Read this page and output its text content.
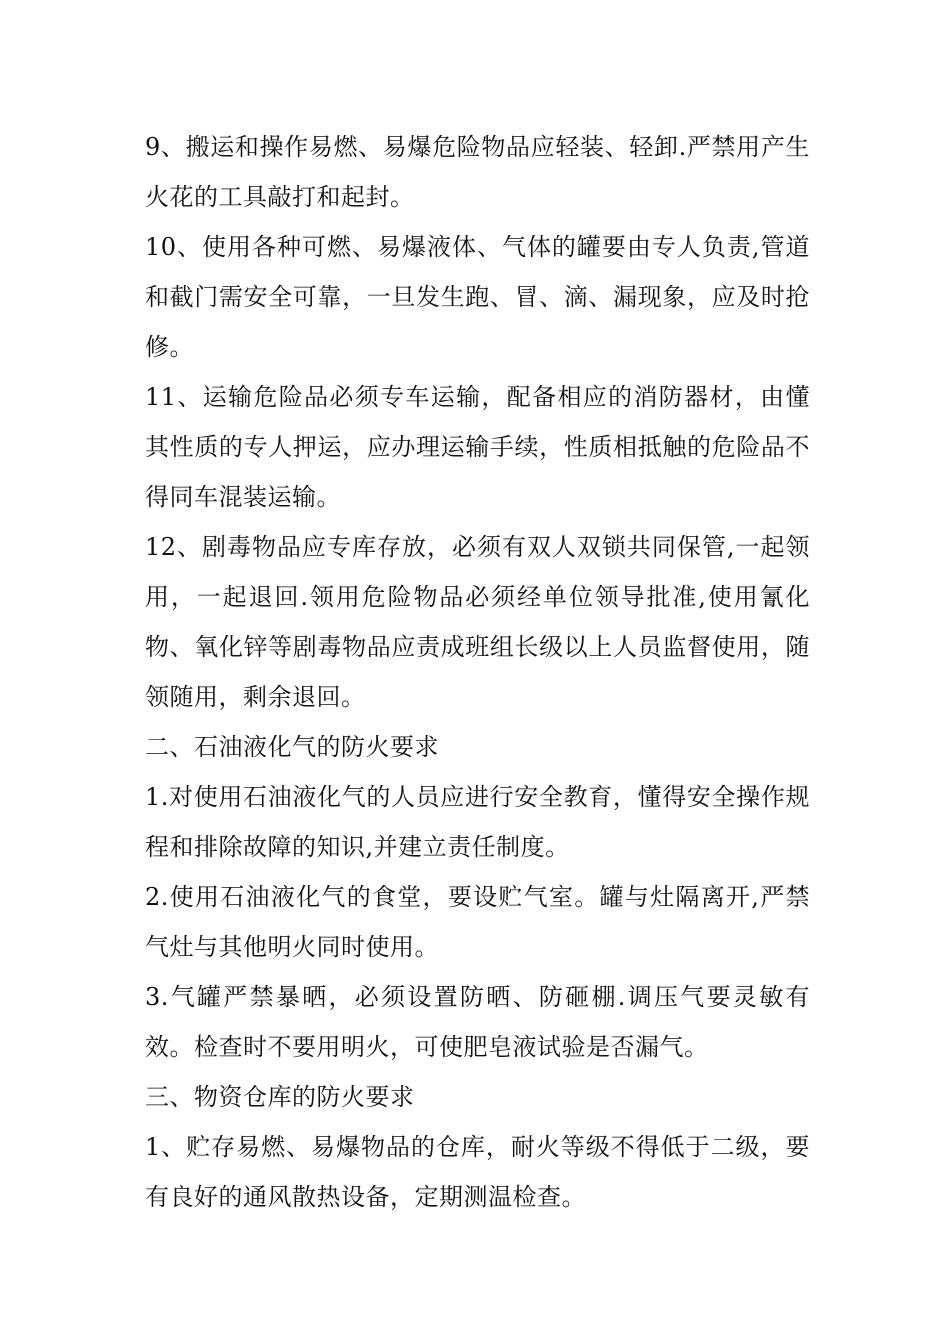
9、搬运和操作易燃、易爆危险物品应轻装、轻卸.严禁用产生火花的工具敲打和起封。

10、使用各种可燃、易爆液体、气体的罐要由专人负责,管道和截门需安全可靠，一旦发生跑、冒、滴、漏现象，应及时抢修。

11、运输危险品必须专车运输，配备相应的消防器材，由懂其性质的专人押运，应办理运输手续，性质相抵触的危险品不得同车混装运输。

12、剧毒物品应专库存放，必须有双人双锁共同保管,一起领用，一起退回.领用危险物品必须经单位领导批准,使用氰化物、氧化锌等剧毒物品应责成班组长级以上人员监督使用，随领随用，剩余退回。

二、石油液化气的防火要求

1.对使用石油液化气的人员应进行安全教育，懂得安全操作规程和排除故障的知识,并建立责任制度。

2.使用石油液化气的食堂，要设贮气室。罐与灶隔离开,严禁气灶与其他明火同时使用。

3.气罐严禁暴晒，必须设置防晒、防砸棚.调压气要灵敏有效。检查时不要用明火，可使肥皂液试验是否漏气。

三、物资仓库的防火要求

1、贮存易燃、易爆物品的仓库，耐火等级不得低于二级，要有良好的通风散热设备，定期测温检查。
